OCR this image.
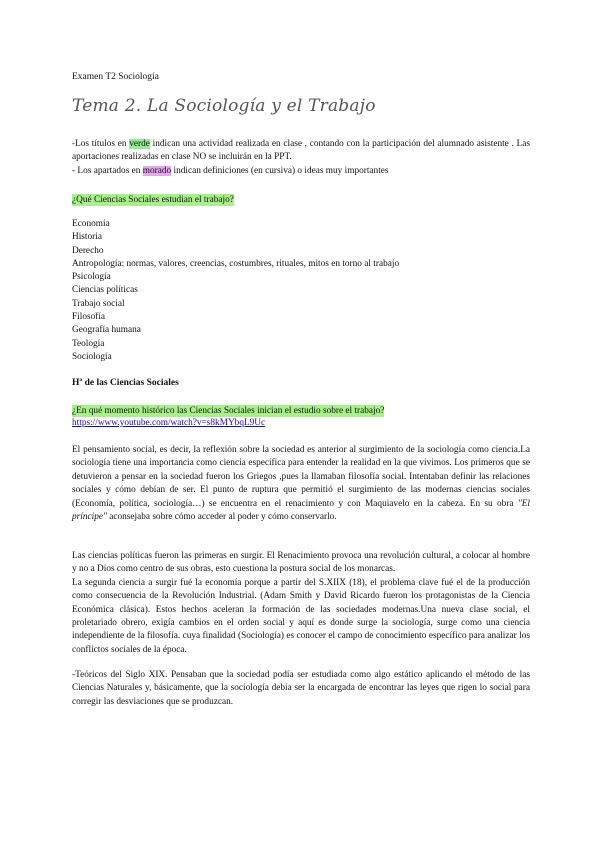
Examen T2 Sociología
Tema 2. La Sociología y el Trabajo
-Los títulos en verde indican una actividad realizada en clase , contando con la participación del alumnado asistente . Las aportaciones realizadas en clase NO se incluirán en la PPT.
- Los apartados en morado indican definiciones (en cursiva) o ideas muy importantes
¿Qué Ciencias Sociales estudian el trabajo?
Economía
Historia
Derecho
Antropología: normas, valores, creencias, costumbres, rituales, mitos en torno al trabajo
Psicología
Ciencias políticas
Trabajo social
Filosofía
Geografía humana
Teología
Sociología
Hª de las Ciencias Sociales
¿En qué momento histórico las Ciencias Sociales inician el estudio sobre el trabajo?
https://www.youtube.com/watch?v=s8kMYbqL9Uc
El pensamiento social, es decir, la reflexión sobre la sociedad es anterior al surgimiento de la sociología como ciencia.La sociología tiene una importancia como ciencia específica para entender la realidad en la que vivimos. Los primeros que se detuvieron a pensar en la sociedad fueron los Griegos ,pues la llamaban filosofía social. Intentaban definir las relaciones sociales y cómo debían de ser. El punto de ruptura que permitió el surgimiento de las modernas ciencias sociales (Economía, política, sociología…) se encuentra en el renacimiento y con Maquiavelo en la cabeza. En su obra "El príncipe" aconsejaba sobre cómo acceder al poder y cómo conservarlo.
Las ciencias políticas fueron las primeras en surgir. El Renacimiento provoca una revolución cultural, a colocar al hombre y no a Dios como centro de sus obras, esto cuestiona la postura social de los monarcas.
La segunda ciencia a surgir fué la economía porque a partir del S.XIIX (18), el problema clave fué el de la producción como consecuencia de la Revolución Industrial. (Adam Smith y David Ricardo fueron los protagonistas de la Ciencia Económica clásica). Estos hechos aceleran la formación de las sociedades modernas.Una nueva clase social, el proletariado obrero, exigía cambios en el orden social y aquí es donde surge la sociología, surge como una ciencia independiente de la filosofía. cuya finalidad (Sociología) es conocer el campo de conocimiento específico para analizar los conflictos sociales de la época.
-Teóricos del Siglo XIX. Pensaban que la sociedad podía ser estudiada como algo estático aplicando el método de las Ciencias Naturales y, básicamente, que la sociología debía ser la encargada de encontrar las leyes que rigen lo social para corregir las desviaciones que se produzcan.
